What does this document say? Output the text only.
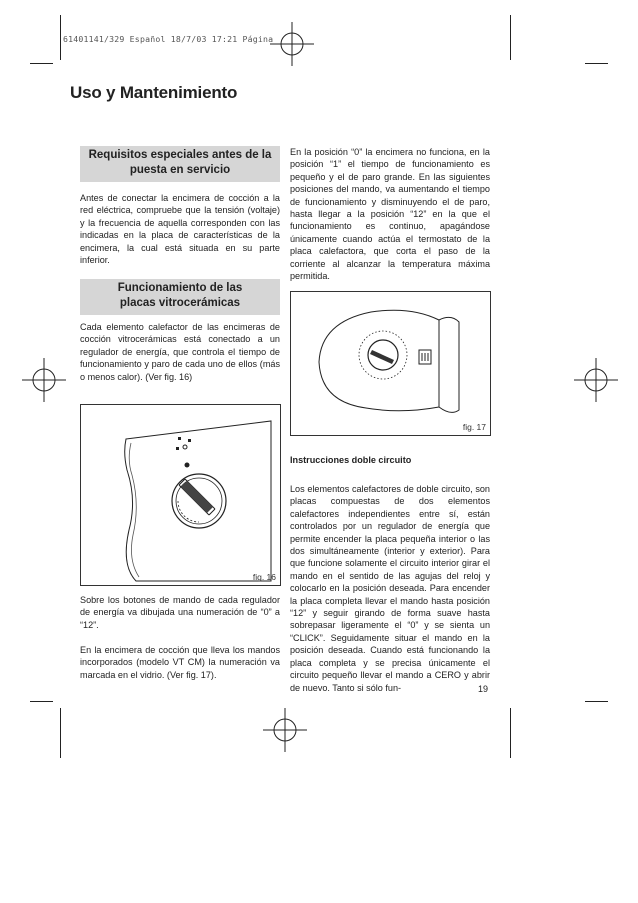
61401141/329 Español 18/7/03 17:21 Página
Uso y Mantenimiento
Requisitos especiales antes de la
puesta en servicio

Antes de conectar la encimera de cocción a la red eléctrica, compruebe que la tensión (voltaje) y la frecuencia de aquella corresponden con las indicadas en la placa de características de la encimera, la cual está situada en su parte inferior.

Funcionamiento de las
placas vitrocerámicas

Cada elemento calefactor de las encimeras de cocción vitrocerámicas está conectado a un regulador de energía, que controla el tiempo de funcionamiento y paro de cada uno de ellos (más o menos calor). (Ver fig. 16)

fig. 16

Sobre los botones de mando de cada regulador de energía va dibujada una numeración de “0” a “12”.

En la encimera de cocción que lleva los mandos incorporados (modelo VT CM) la numeración va marcada en el vidrio. (Ver fig. 17).

En la posición “0” la encimera no funciona, en la posición “1” el tiempo de funcionamiento es pequeño y el de paro grande. En las siguientes posiciones del mando, va aumentando el tiempo de funcionamiento y disminuyendo el de paro, hasta llegar a la posición “12” en la que el funcionamiento es continuo, apagándose únicamente cuando actúa el termostato de la placa calefactora, que corta el paso de la corriente al alcanzar la temperatura máxima permitida.

fig. 17
Instrucciones doble circuito

Los elementos calefactores de doble circuito, son placas compuestas de dos elementos calefactores independientes entre sí, están controlados por un regulador de energía que permite encender la placa pequeña interior o las dos simultáneamente (interior y exterior). Para que funcione solamente el circuito interior girar el mando en el sentido de las agujas del reloj y colocarlo en la posición deseada. Para encender la placa completa llevar el mando hasta posición “12” y seguir girando de forma suave hasta sobrepasar ligeramente el “0” y se sienta un “CLICK”. Seguidamente situar el mando en la posición deseada. Cuando está funcionando la placa completa y se precisa únicamente el circuito pequeño llevar el mando a CERO y abrir de nuevo. Tanto si sólo fun-	19
